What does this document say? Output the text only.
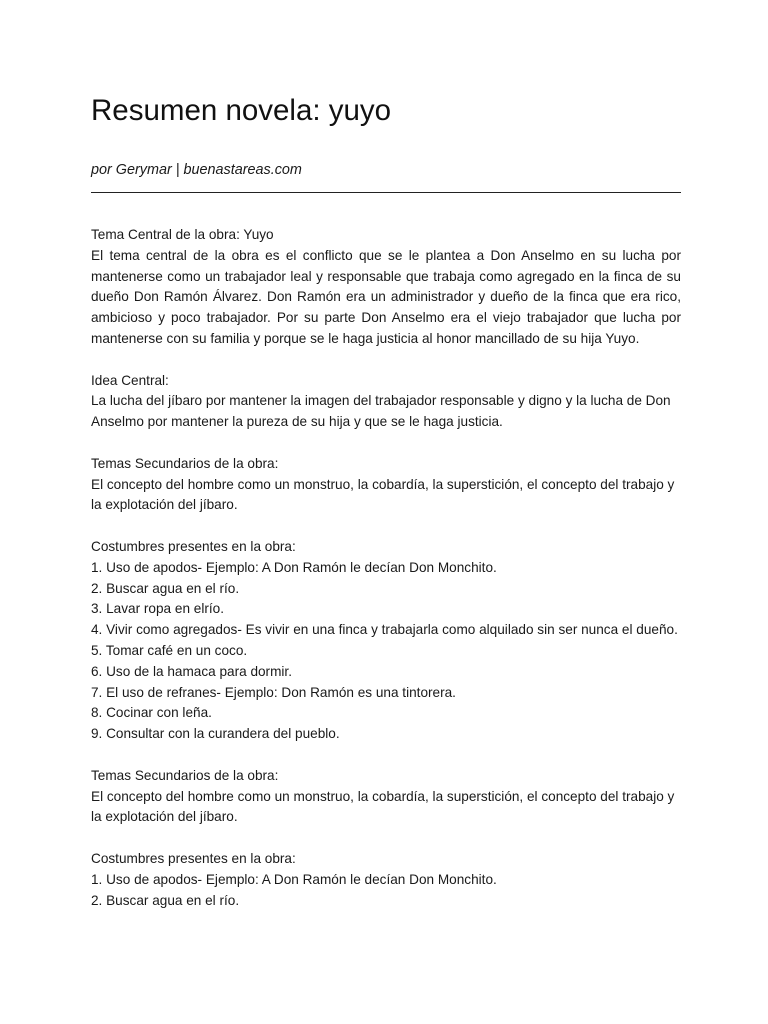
Resumen novela: yuyo

por Gerymar | buenastareas.com

Tema Central de la obra: Yuyo
El tema central de la obra es el conflicto que se le plantea a Don Anselmo en su lucha por mantenerse como un trabajador leal y responsable que trabaja como agregado en la finca de su dueño Don Ramón Álvarez. Don Ramón era un administrador y dueño de la finca que era rico, ambicioso y poco trabajador. Por su parte Don Anselmo era el viejo trabajador que lucha por mantenerse con su familia y porque se le haga justicia al honor mancillado de su hija Yuyo.
Idea Central:
La lucha del jíbaro por mantener la imagen del trabajador responsable y digno y la lucha de Don Anselmo por mantener la pureza de su hija y que se le haga justicia.
Temas Secundarios de la obra:
El concepto del hombre como un monstruo, la cobardía, la superstición, el concepto del trabajo y la explotación del jíbaro.
Costumbres presentes en la obra:
1. Uso de apodos- Ejemplo: A Don Ramón le decían Don Monchito.
2. Buscar agua en el río.
3. Lavar ropa en elrío.
4. Vivir como agregados- Es vivir en una finca y trabajarla como alquilado sin ser nunca el dueño.
5. Tomar café en un coco.
6. Uso de la hamaca para dormir.
7. El uso de refranes- Ejemplo: Don Ramón es una tintorera.
8. Cocinar con leña.
9. Consultar con la curandera del pueblo.
Temas Secundarios de la obra:
El concepto del hombre como un monstruo, la cobardía, la superstición, el concepto del trabajo y la explotación del jíbaro.
Costumbres presentes en la obra:
1. Uso de apodos- Ejemplo: A Don Ramón le decían Don Monchito.
2. Buscar agua en el río.
